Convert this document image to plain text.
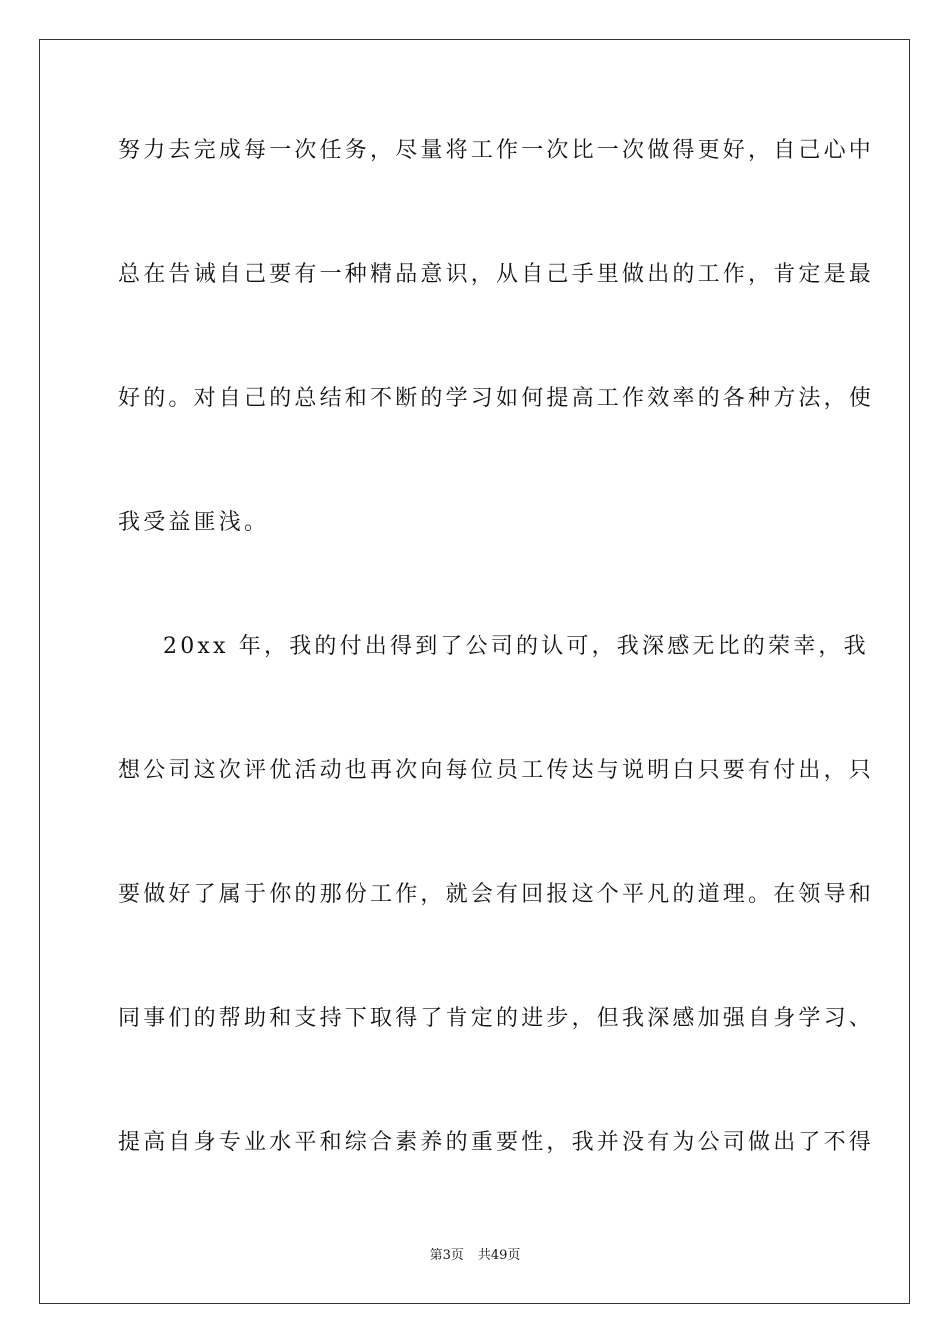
努力去完成每一次任务，尽量将工作一次比一次做得更好，自己心中
总在告诫自己要有一种精品意识，从自己手里做出的工作，肯定是最
好的。对自己的总结和不断的学习如何提高工作效率的各种方法，使
我受益匪浅。
20xx 年，我的付出得到了公司的认可，我深感无比的荣幸，我
想公司这次评优活动也再次向每位员工传达与说明白只要有付出，只
要做好了属于你的那份工作，就会有回报这个平凡的道理。在领导和
同事们的帮助和支持下取得了肯定的进步，但我深感加强自身学习、
提高自身专业水平和综合素养的重要性，我并没有为公司做出了不得
第3页 共49页
